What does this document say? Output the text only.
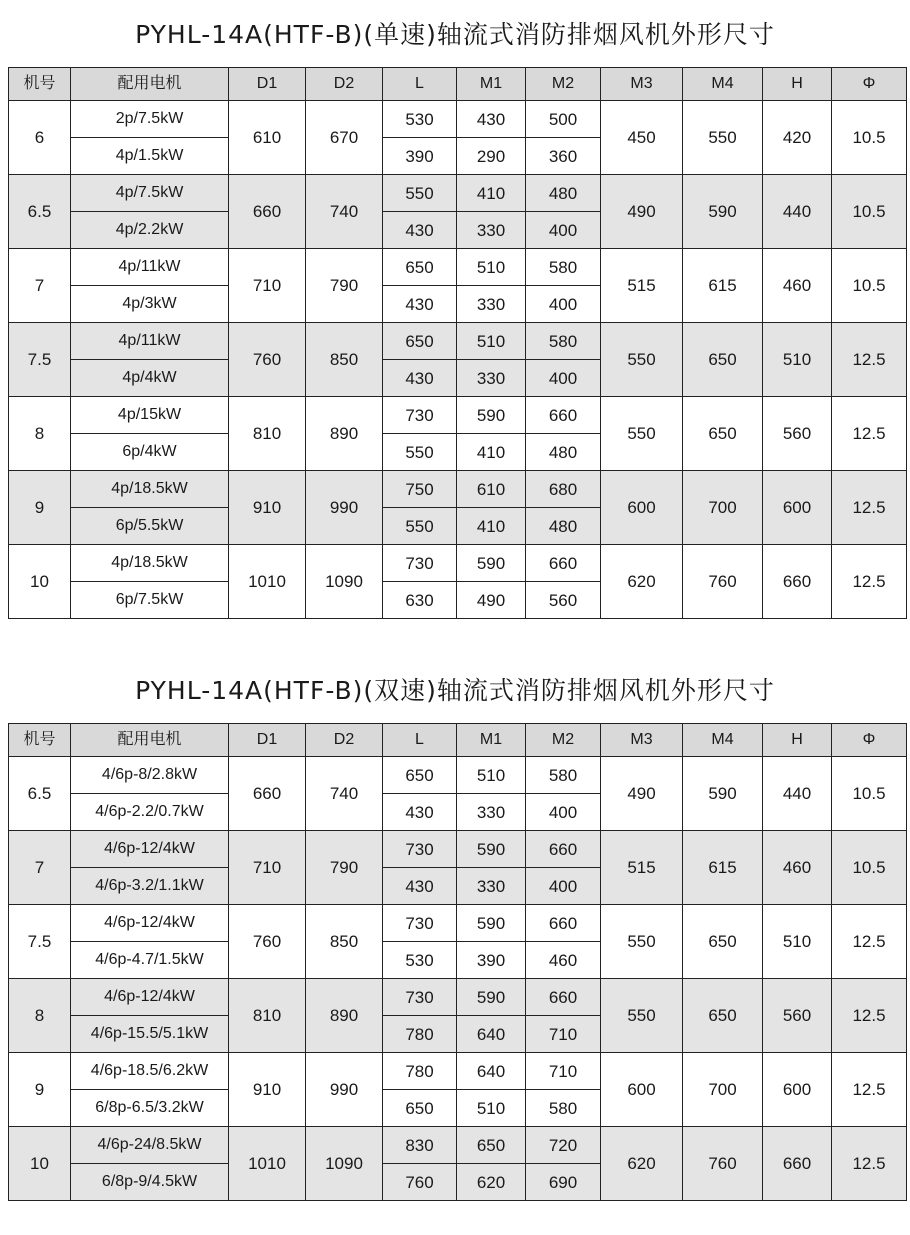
PYHL-14A(HTF-B)(单速)轴流式消防排烟风机外形尺寸
机号	配用电机	D1	D2	L	M1	M2	M3	M4	H	Φ
6	2p/7.5kW	610	670	530	430	500	450	550	420	10.5
	4p/1.5kW			390	290	360				
6.5	4p/7.5kW	660	740	550	410	480	490	590	440	10.5
	4p/2.2kW			430	330	400				
7	4p/11kW	710	790	650	510	580	515	615	460	10.5
	4p/3kW			430	330	400				
7.5	4p/11kW	760	850	650	510	580	550	650	510	12.5
	4p/4kW			430	330	400				
8	4p/15kW	810	890	730	590	660	550	650	560	12.5
	6p/4kW			550	410	480				
9	4p/18.5kW	910	990	750	610	680	600	700	600	12.5
	6p/5.5kW			550	410	480				
10	4p/18.5kW	1010	1090	730	590	660	620	760	660	12.5
	6p/7.5kW			630	490	560				
PYHL-14A(HTF-B)(双速)轴流式消防排烟风机外形尺寸
机号	配用电机	D1	D2	L	M1	M2	M3	M4	H	Φ
6.5	4/6p-8/2.8kW	660	740	650	510	580	490	590	440	10.5
	4/6p-2.2/0.7kW			430	330	400				
7	4/6p-12/4kW	710	790	730	590	660	515	615	460	10.5
	4/6p-3.2/1.1kW			430	330	400				
7.5	4/6p-12/4kW	760	850	730	590	660	550	650	510	12.5
	4/6p-4.7/1.5kW			530	390	460				
8	4/6p-12/4kW	810	890	730	590	660	550	650	560	12.5
	4/6p-15.5/5.1kW			780	640	710				
9	4/6p-18.5/6.2kW	910	990	780	640	710	600	700	600	12.5
	6/8p-6.5/3.2kW			650	510	580				
10	4/6p-24/8.5kW	1010	1090	830	650	720	620	760	660	12.5
	6/8p-9/4.5kW			760	620	690				
